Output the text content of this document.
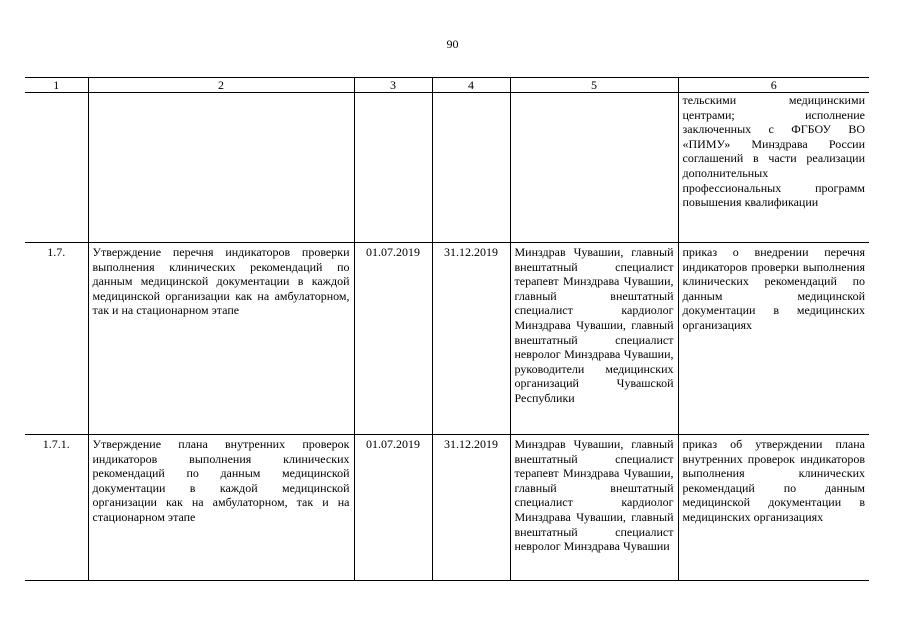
90
1	2	3	4	5	6
					тельскими медицинскими центрами; исполнение заключенных с ФГБОУ ВО «ПИМУ» Минздрава России соглашений в части реализации дополнительных профессиональных программ повышения квалификации
1.7.	Утверждение перечня индикаторов проверки выполнения клинических рекомендаций по данным медицинской документации в каждой медицинской организации как на амбулаторном, так и на стационарном этапе	01.07.2019	31.12.2019	Минздрав Чувашии, главный внештатный специалист терапевт Минздрава Чувашии, главный внештатный специалист кардиолог Минздрава Чувашии, главный внештатный специалист невролог Минздрава Чувашии, руководители медицинских организаций Чувашской Республики	приказ о внедрении перечня индикаторов проверки выполнения клинических рекомендаций по данным медицинской документации в медицинских организациях
1.7.1.	Утверждение плана внутренних проверок индикаторов выполнения клинических рекомендаций по данным медицинской документации в каждой медицинской организации как на амбулаторном, так и на стационарном этапе	01.07.2019	31.12.2019	Минздрав Чувашии, главный внештатный специалист терапевт Минздрава Чувашии, главный внештатный специалист кардиолог Минздрава Чувашии, главный внештатный специалист невролог Минздрава Чувашии	приказ об утверждении плана внутренних проверок индикаторов выполнения клинических рекомендаций по данным медицинской документации в медицинских организациях
